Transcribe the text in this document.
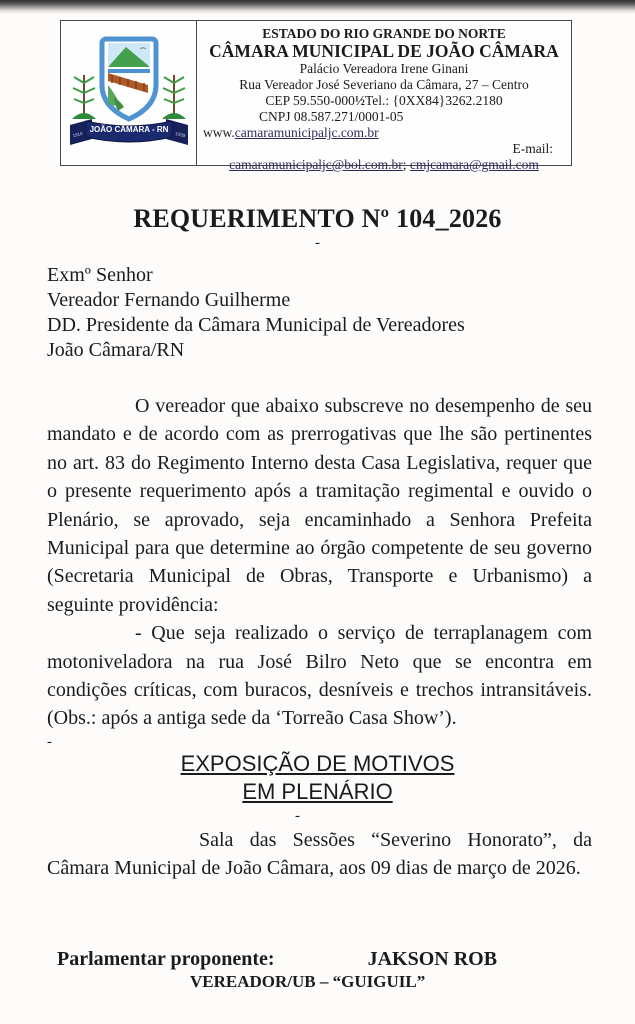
JOÃO CÂMARA - RN
1910	1928
ESTADO DO RIO GRANDE DO NORTE
CÂMARA MUNICIPAL DE JOÃO CÂMARA
Palácio Vereadora Irene Ginani
Rua Vereador José Severiano da Câmara, 27 – Centro
CEP 59.550-000½Tel.: {0XX84}3262.2180
CNPJ 08.587.271/0001-05
www.camaramunicipaljc.com.br
E-mail:
camaramunicipaljc@bol.com.br; cmjcamara@gmail.com
REQUERIMENTO Nº 104_2026
-
Exmº Senhor
Vereador Fernando Guilherme
DD. Presidente da Câmara Municipal de Vereadores
João Câmara/RN

O vereador que abaixo subscreve no desempenho de seu mandato e de acordo com as prerrogativas que lhe são pertinentes no art. 83 do Regimento Interno desta Casa Legislativa, requer que o presente requerimento após a tramitação regimental e ouvido o Plenário, se aprovado, seja encaminhado a Senhora Prefeita Municipal para que determine ao órgão competente de seu governo (Secretaria Municipal de Obras, Transporte e Urbanismo) a seguinte providência:

- Que seja realizado o serviço de terraplanagem com motoniveladora na rua José Bilro Neto que se encontra em condições críticas, com buracos, desníveis e trechos intransitáveis. (Obs.: após a antiga sede da ‘Torreão Casa Show’).

-
EXPOSIÇÃO DE MOTIVOS
EM PLENÁRIO
-

Sala das Sessões “Severino Honorato”, da Câmara Municipal de João Câmara, aos 09 dias de março de 2026.

Parlamentar proponente:	JAKSON ROB
VEREADOR/UB – “GUIGUIL”
